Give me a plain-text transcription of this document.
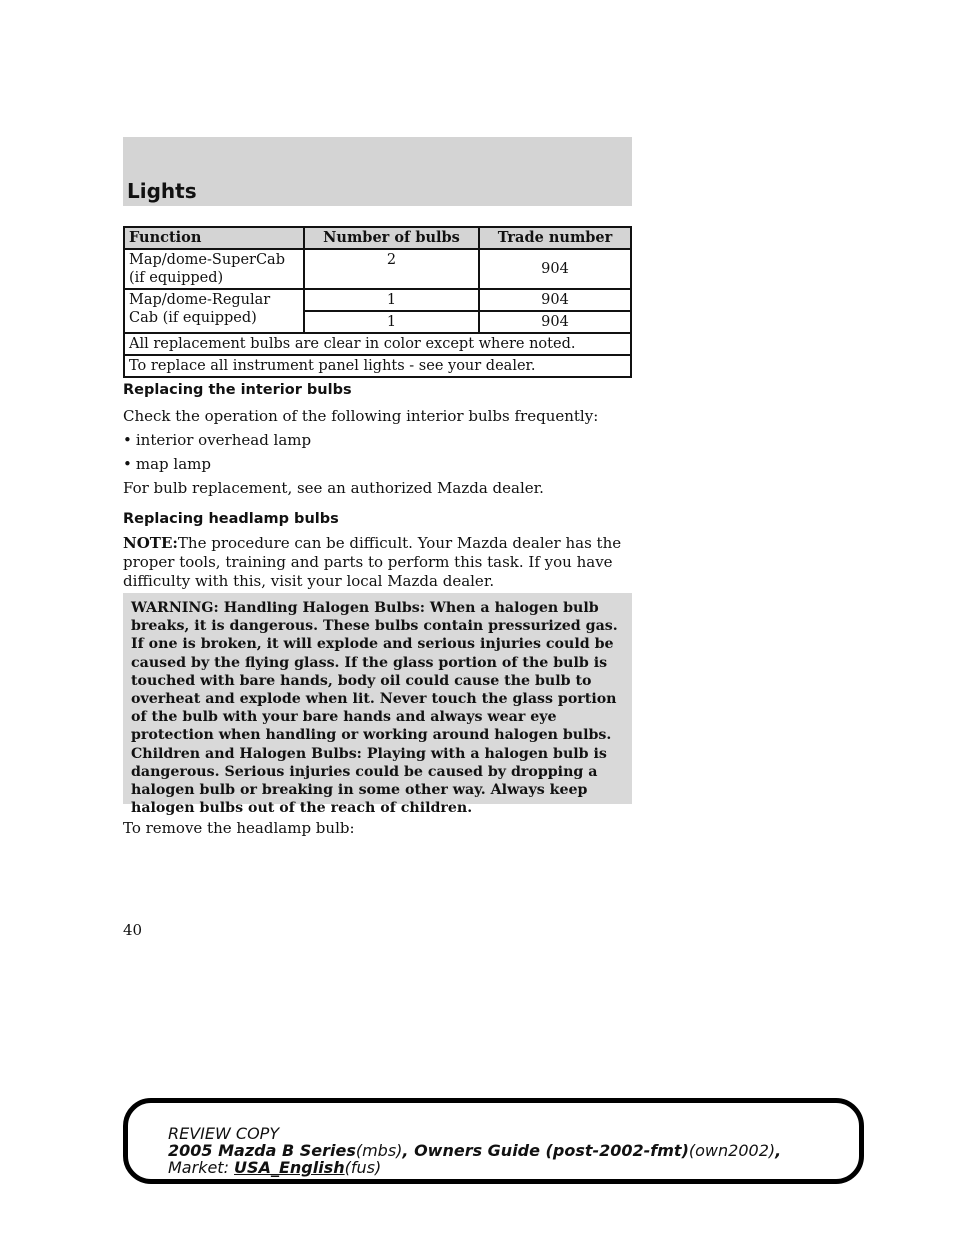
Lights
Function	Number of bulbs	Trade number
Map/dome-SuperCab (if equipped)	2	904
Map/dome-Regular Cab (if equipped)	1	904
	1	904
All replacement bulbs are clear in color except where noted.		
To replace all instrument panel lights - see your dealer.		
Replacing the interior bulbs
Check the operation of the following interior bulbs frequently:
• interior overhead lamp
• map lamp
For bulb replacement, see an authorized Mazda dealer.
Replacing headlamp bulbs
NOTE:The procedure can be difficult. Your Mazda dealer has the proper tools, training and parts to perform this task. If you have difficulty with this, visit your local Mazda dealer.
WARNING: Handling Halogen Bulbs: When a halogen bulb breaks, it is dangerous. These bulbs contain pressurized gas. If one is broken, it will explode and serious injuries could be caused by the flying glass. If the glass portion of the bulb is touched with bare hands, body oil could cause the bulb to overheat and explode when lit. Never touch the glass portion of the bulb with your bare hands and always wear eye protection when handling or working around halogen bulbs.
Children and Halogen Bulbs: Playing with a halogen bulb is dangerous. Serious injuries could be caused by dropping a halogen bulb or breaking in some other way. Always keep halogen bulbs out of the reach of children.
To remove the headlamp bulb:
40
REVIEW COPY
2005 Mazda B Series(mbs), Owners Guide (post-2002-fmt)(own2002),
Market: USA_English(fus)
